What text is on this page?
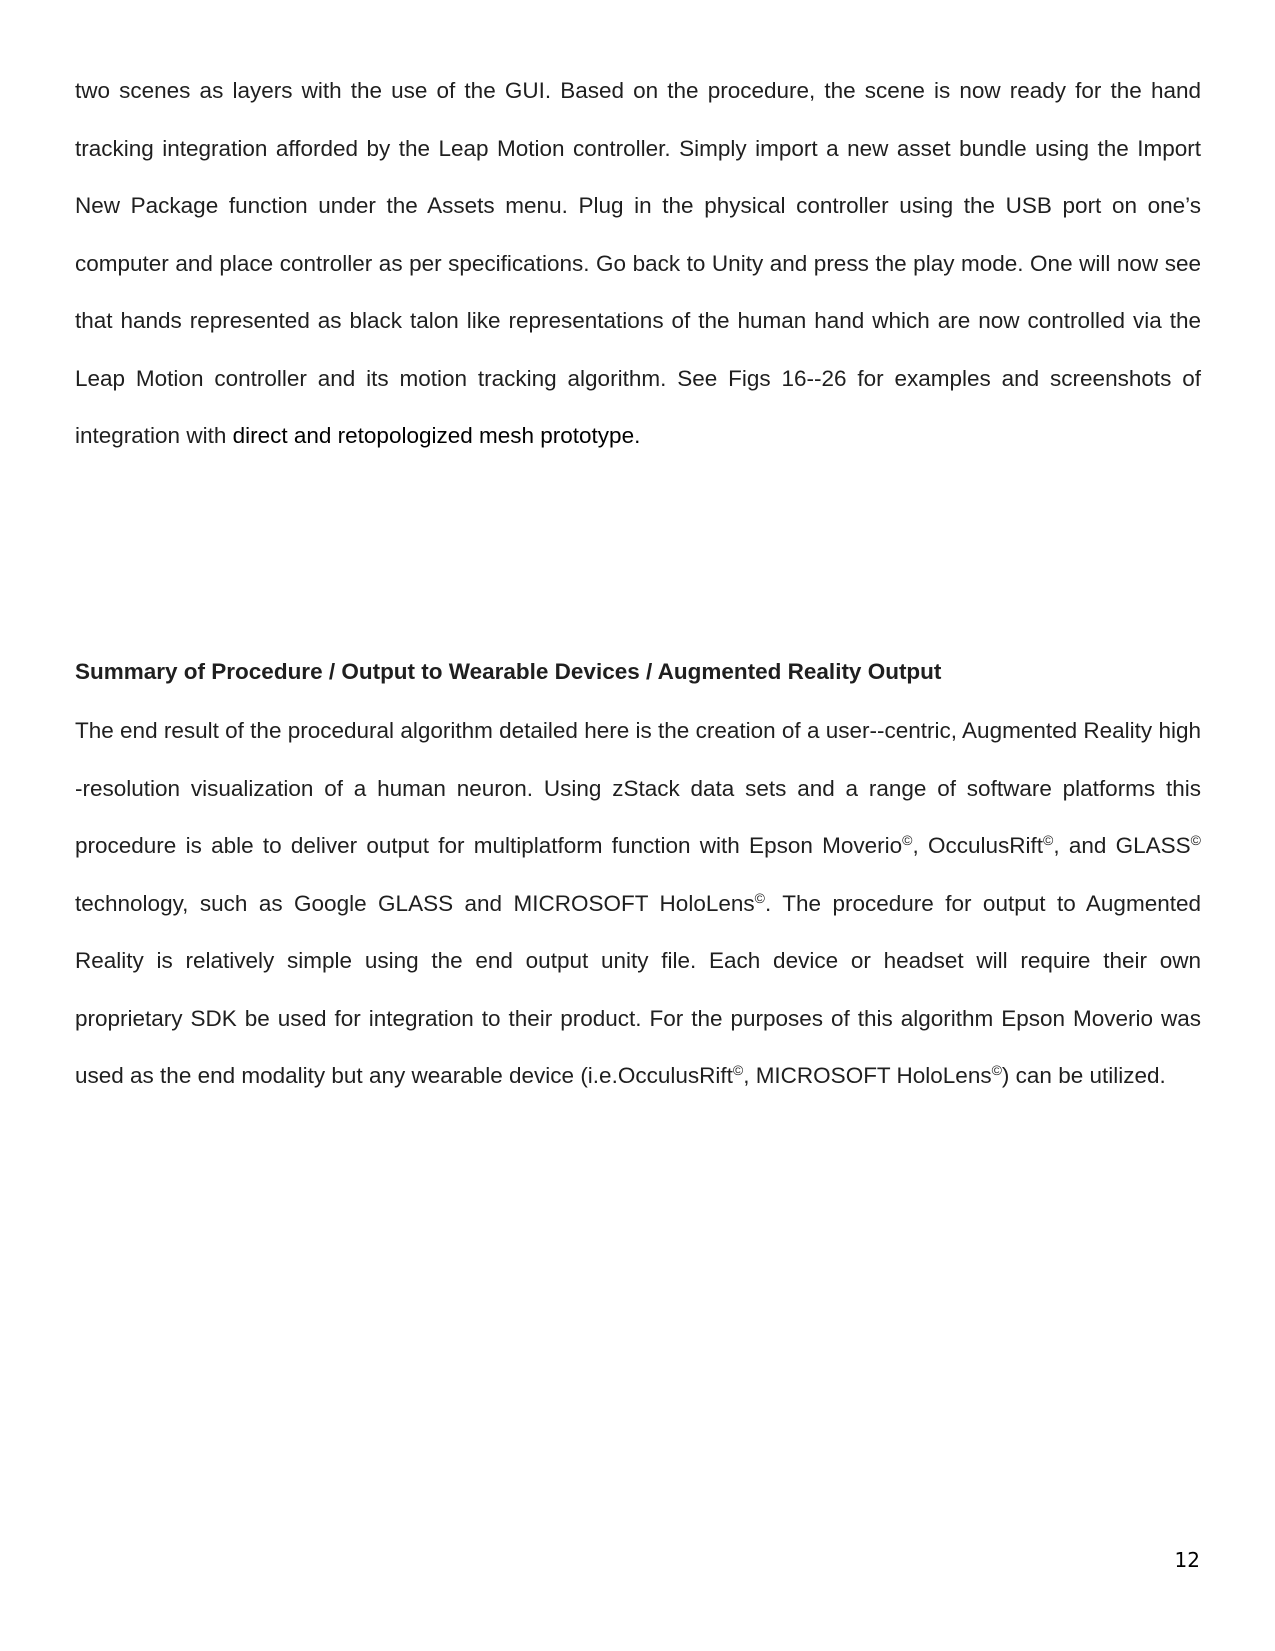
two scenes as layers with the use of the GUI. Based on the procedure, the scene is now ready for the hand tracking integration afforded by the Leap Motion controller. Simply import a new asset bundle using the Import New Package function under the Assets menu. Plug in the physical controller using the USB port on one’s computer and place controller as per specifications. Go back to Unity and press the play mode. One will now see that hands represented as black talon like representations of the human hand which are now controlled via the Leap Motion controller and its motion tracking algorithm. See Figs 16--26 for examples and screenshots of integration with direct and retopologized mesh prototype.

Summary of Procedure / Output to Wearable Devices / Augmented Reality Output

The end result of the procedural algorithm detailed here is the creation of a user--centric, Augmented Reality high -resolution visualization of a human neuron. Using zStack data sets and a range of software platforms this procedure is able to deliver output for multiplatform function with Epson Moverio©, OcculusRift©, and GLASS© technology, such as Google GLASS and MICROSOFT HoloLens©. The procedure for output to Augmented Reality is relatively simple using the end output unity file. Each device or headset will require their own proprietary SDK be used for integration to their product. For the purposes of this algorithm Epson Moverio was used as the end modality but any wearable device (i.e.OcculusRift©, MICROSOFT HoloLens©) can be utilized.

12
